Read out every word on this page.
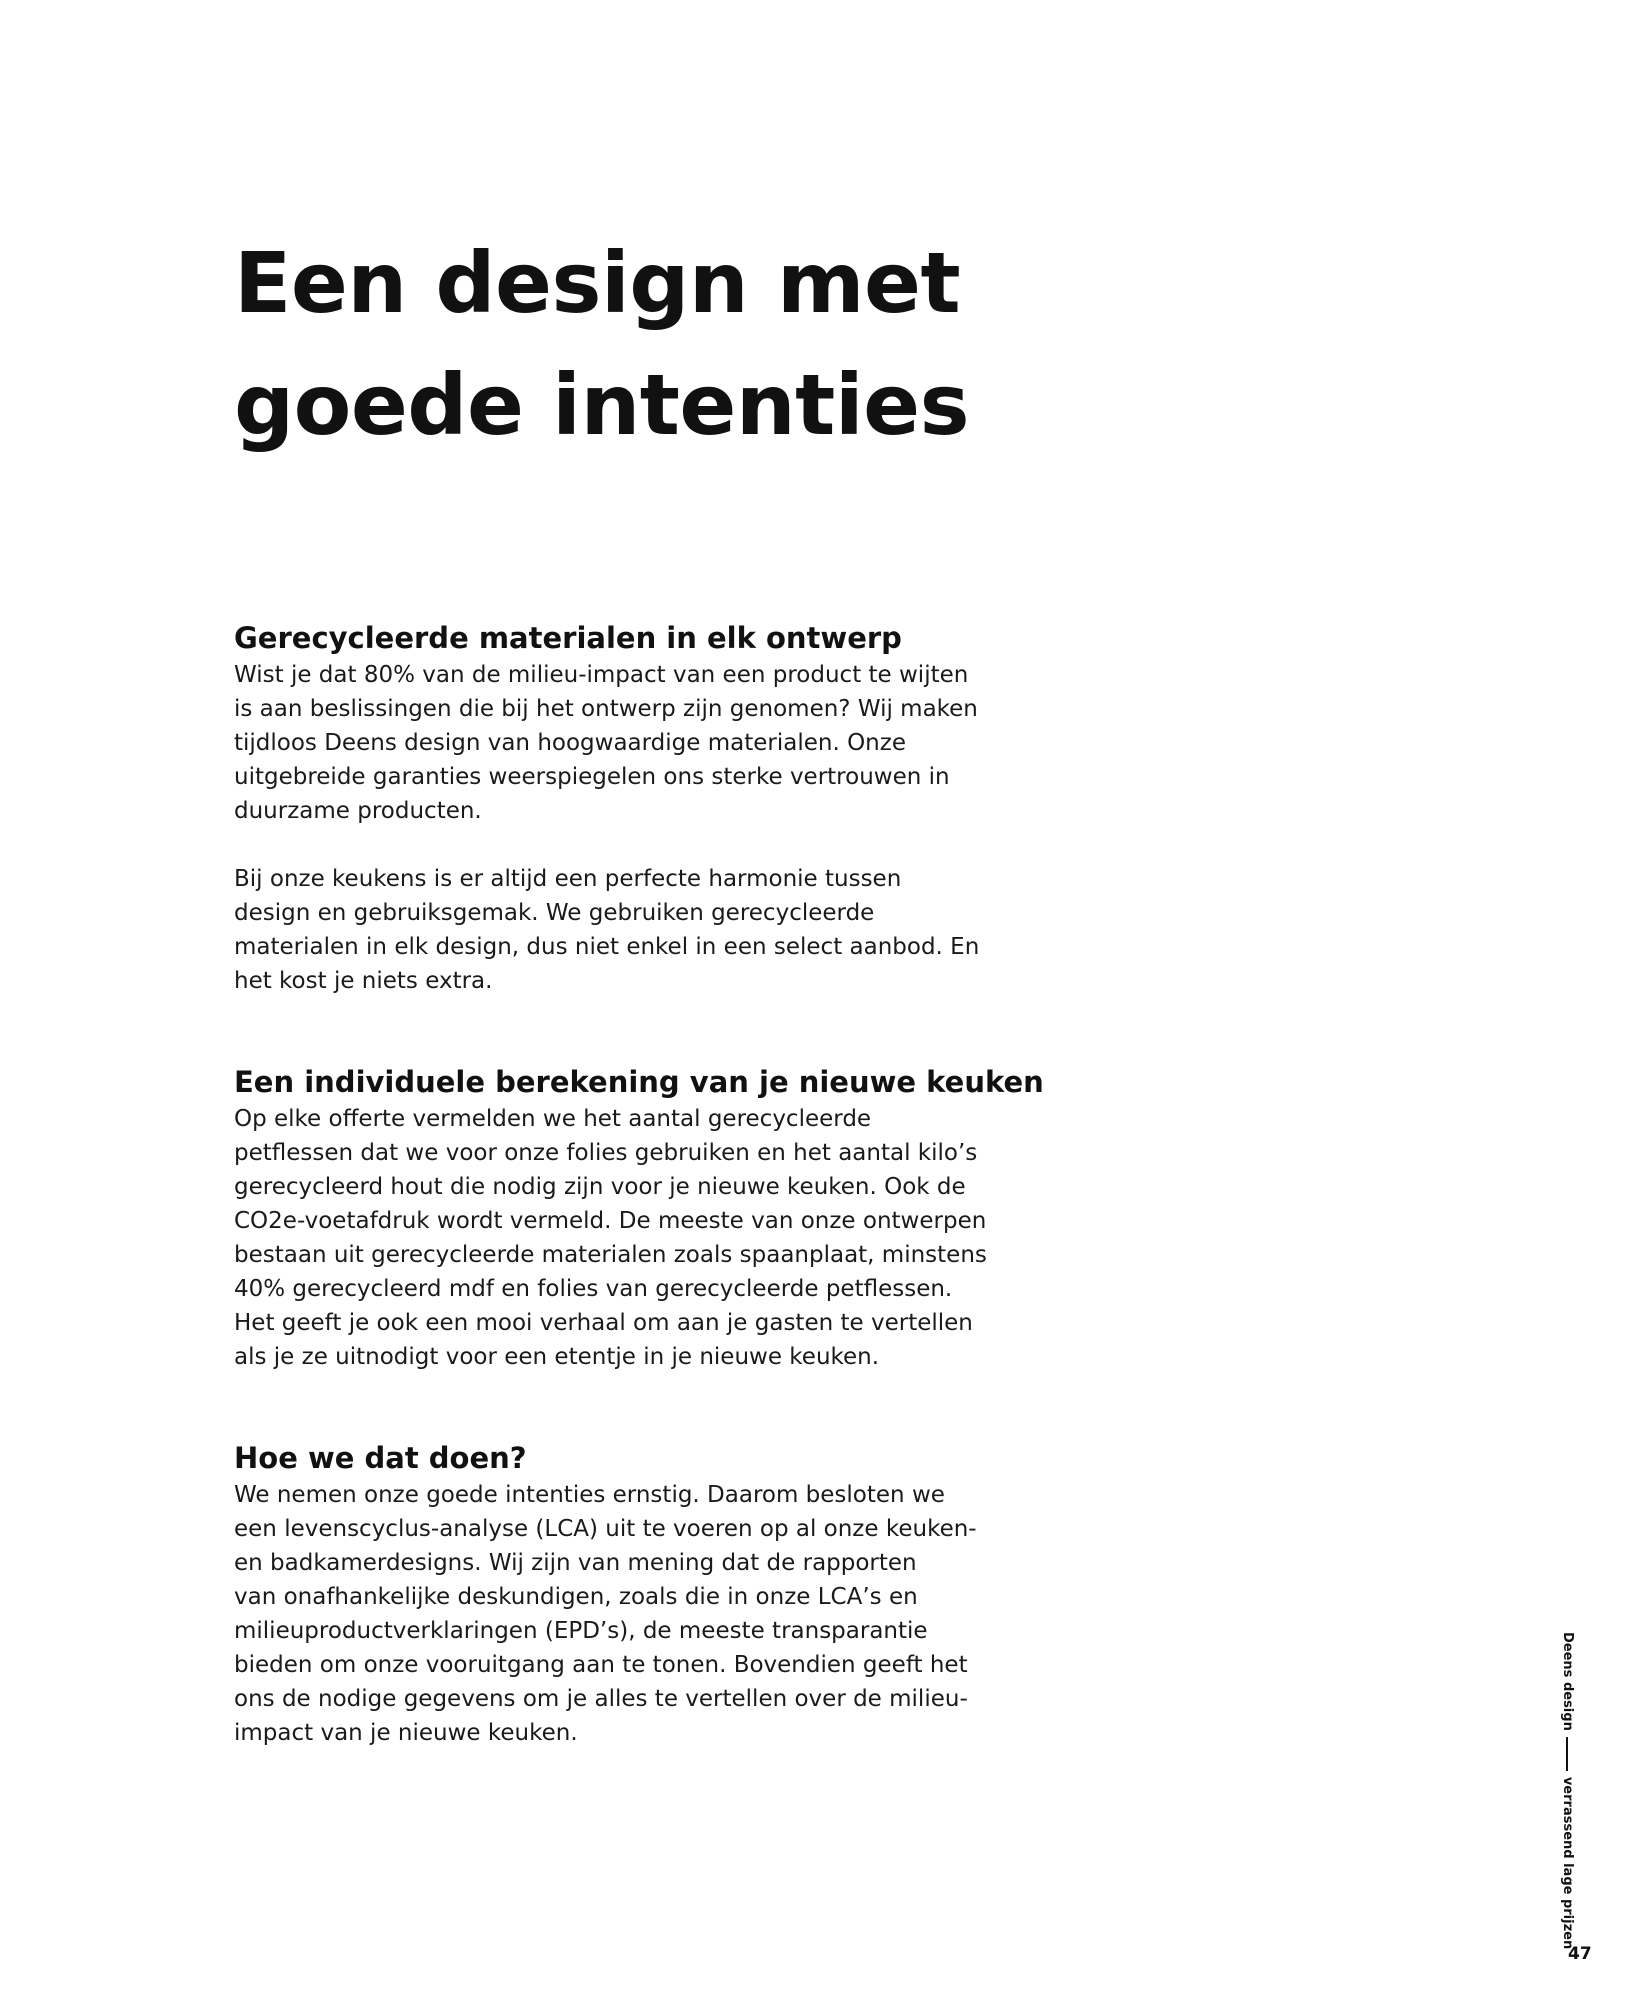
Een design met
goede intenties
Gerecycleerde materialen in elk ontwerp

Wist je dat 80% van de milieu-impact van een product te wijten
is aan beslissingen die bij het ontwerp zijn genomen? Wij maken
tijdloos Deens design van hoogwaardige materialen. Onze
uitgebreide garanties weerspiegelen ons sterke vertrouwen in
duurzame producten.

Bij onze keukens is er altijd een perfecte harmonie tussen
design en gebruiksgemak. We gebruiken gerecycleerde
materialen in elk design, dus niet enkel in een select aanbod. En
het kost je niets extra.

Een individuele berekening van je nieuwe keuken

Op elke offerte vermelden we het aantal gerecycleerde
petflessen dat we voor onze folies gebruiken en het aantal kilo’s
gerecycleerd hout die nodig zijn voor je nieuwe keuken. Ook de
CO2e-voetafdruk wordt vermeld. De meeste van onze ontwerpen
bestaan uit gerecycleerde materialen zoals spaanplaat, minstens
40% gerecycleerd mdf en folies van gerecycleerde petflessen.
Het geeft je ook een mooi verhaal om aan je gasten te vertellen
als je ze uitnodigt voor een etentje in je nieuwe keuken.

Hoe we dat doen?

We nemen onze goede intenties ernstig. Daarom besloten we
een levenscyclus-analyse (LCA) uit te voeren op al onze keuken-
en badkamerdesigns. Wij zijn van mening dat de rapporten
van onafhankelijke deskundigen, zoals die in onze LCA’s en
milieuproductverklaringen (EPD’s), de meeste transparantie
bieden om onze vooruitgang aan te tonen. Bovendien geeft het
ons de nodige gegevens om je alles te vertellen over de milieu-
impact van je nieuwe keuken.

Deens design
verrassend lage prijzen
47
